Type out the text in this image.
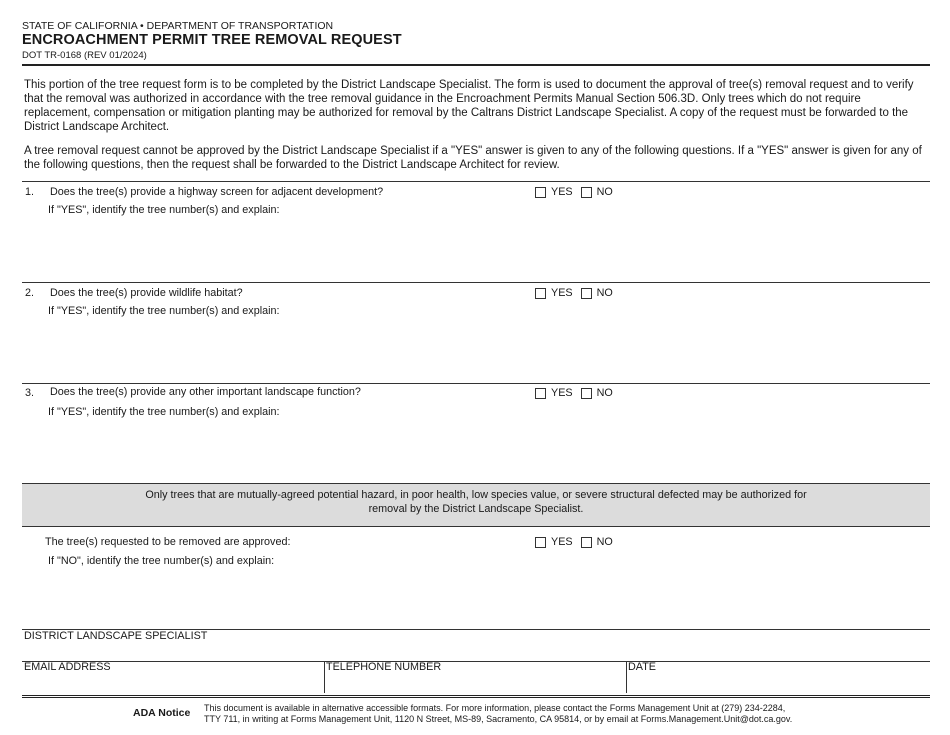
STATE OF CALIFORNIA • DEPARTMENT OF TRANSPORTATION
ENCROACHMENT PERMIT TREE REMOVAL REQUEST
DOT TR-0168 (REV 01/2024)
This portion of the tree request form is to be completed by the District Landscape Specialist. The form is used to document the approval of tree(s) removal request and to verify that the removal was authorized in accordance with the tree removal guidance in the Encroachment Permits Manual Section 506.3D. Only trees which do not require replacement, compensation or mitigation planting may be authorized for removal by the Caltrans District Landscape Specialist. A copy of the request must be forwarded to the District Landscape Architect.
A tree removal request cannot be approved by the District Landscape Specialist if a "YES" answer is given to any of the following questions. If a "YES" answer is given for any of the following questions, then the request shall be forwarded to the District Landscape Architect for review.
1. Does the tree(s) provide a highway screen for adjacent development?
If "YES", identify the tree number(s) and explain:
YES NO
2. Does the tree(s) provide wildlife habitat?
If "YES", identify the tree number(s) and explain:
YES NO
3. Does the tree(s) provide any other important landscape function?
If "YES", identify the tree number(s) and explain:
YES NO
Only trees that are mutually-agreed potential hazard, in poor health, low species value, or severe structural defected may be authorized for
removal by the District Landscape Specialist.
The tree(s) requested to be removed are approved:
If "NO", identify the tree number(s) and explain:
YES NO
DISTRICT LANDSCAPE SPECIALIST
EMAIL ADDRESS	TELEPHONE NUMBER	DATE
ADA Notice This document is available in alternative accessible formats. For more information, please contact the Forms Management Unit at (279) 234-2284,
TTY 711, in writing at Forms Management Unit, 1120 N Street, MS-89, Sacramento, CA 95814, or by email at Forms.Management.Unit@dot.ca.gov.
